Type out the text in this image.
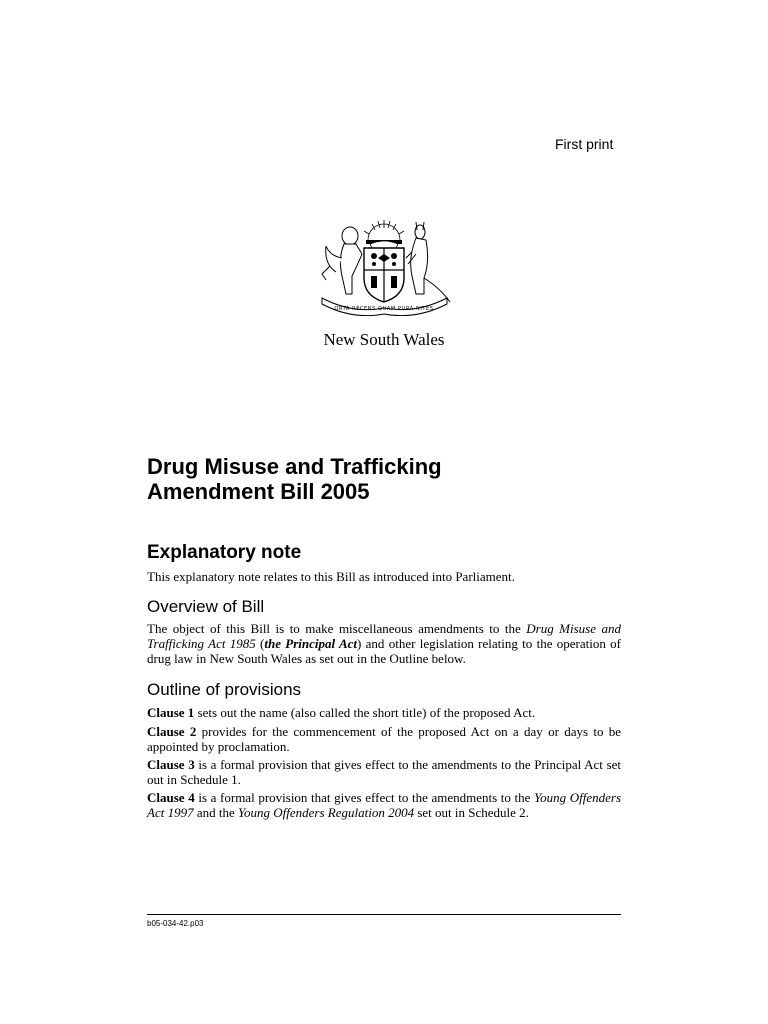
First print
ORTA RECENS QUAM PURA NITES
New South Wales
Drug Misuse and Trafficking
Amendment Bill 2005
Explanatory note
This explanatory note relates to this Bill as introduced into Parliament.
Overview of Bill
The object of this Bill is to make miscellaneous amendments to the Drug Misuse and Trafficking Act 1985 (the Principal Act) and other legislation relating to the operation of drug law in New South Wales as set out in the Outline below.
Outline of provisions
Clause 1 sets out the name (also called the short title) of the proposed Act.
Clause 2 provides for the commencement of the proposed Act on a day or days to be appointed by proclamation.
Clause 3 is a formal provision that gives effect to the amendments to the Principal Act set out in Schedule 1.
Clause 4 is a formal provision that gives effect to the amendments to the Young Offenders Act 1997 and the Young Offenders Regulation 2004 set out in Schedule 2.
b05-034-42.p03
